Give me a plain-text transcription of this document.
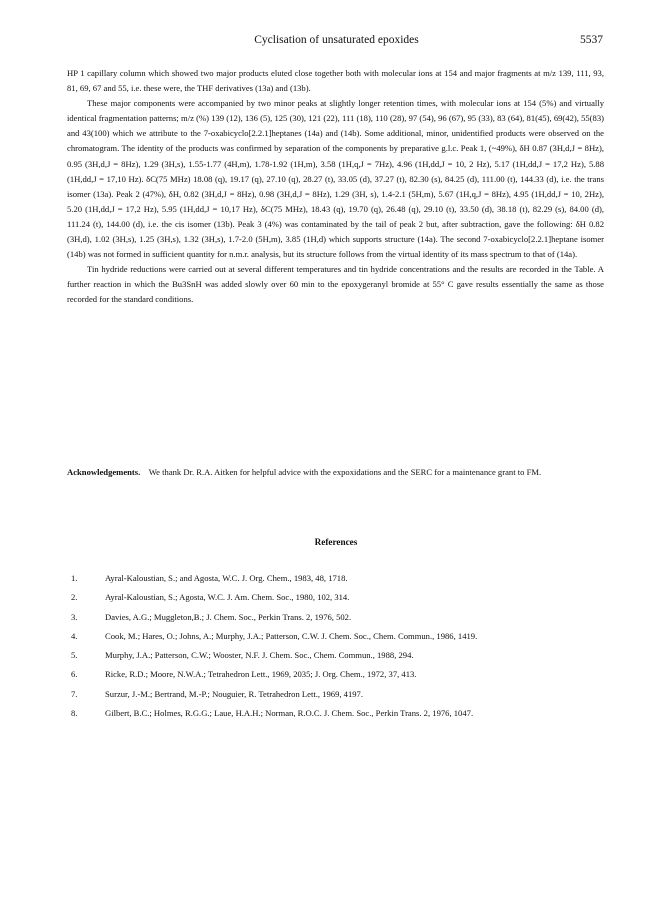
Cyclisation of unsaturated epoxides	5537

HP 1 capillary column which showed two major products eluted close together both with molecular ions at 154 and major fragments at m/z 139, 111, 93, 81, 69, 67 and 55, i.e. these were, the THF derivatives (13a) and (13b).

These major components were accompanied by two minor peaks at slightly longer retention times, with molecular ions at 154 (5%) and virtually identical fragmentation patterns; m/z (%) 139 (12), 136 (5), 125 (30), 121 (22), 111 (18), 110 (28), 97 (54), 96 (67), 95 (33), 83 (64), 81(45), 69(42), 55(83) and 43(100) which we attribute to the 7-oxabicyclo[2.2.1]heptanes (14a) and (14b). Some additional, minor, unidentified products were observed on the chromatogram. The identity of the products was confirmed by separation of the components by preparative g.l.c. Peak 1, (~49%), δH 0.87 (3H,d,J = 8Hz), 0.95 (3H,d,J = 8Hz), 1.29 (3H,s), 1.55-1.77 (4H,m), 1.78-1.92 (1H,m), 3.58 (1H,q,J = 7Hz), 4.96 (1H,dd,J = 10, 2 Hz), 5.17 (1H,dd,J = 17,2 Hz), 5.88 (1H,dd,J = 17,10 Hz). δC(75 MHz) 18.08 (q), 19.17 (q), 27.10 (q), 28.27 (t), 33.05 (d), 37.27 (t), 82.30 (s), 84.25 (d), 111.00 (t), 144.33 (d), i.e. the trans isomer (13a). Peak 2 (47%), δH, 0.82 (3H,d,J = 8Hz), 0.98 (3H,d,J = 8Hz), 1.29 (3H, s), 1.4-2.1 (5H,m), 5.67 (1H,q,J = 8Hz), 4.95 (1H,dd,J = 10, 2Hz), 5.20 (1H,dd,J = 17,2 Hz), 5.95 (1H,dd,J = 10,17 Hz), δC(75 MHz), 18.43 (q), 19.70 (q), 26.48 (q), 29.10 (t), 33.50 (d), 38.18 (t), 82.29 (s), 84.00 (d), 111.24 (t), 144.00 (d), i.e. the cis isomer (13b). Peak 3 (4%) was contaminated by the tail of peak 2 but, after subtraction, gave the following: δH 0.82 (3H,d), 1.02 (3H,s), 1.25 (3H,s), 1.32 (3H,s), 1.7-2.0 (5H,m), 3.85 (1H,d) which supports structure (14a). The second 7-oxabicyclo[2.2.1]heptane isomer (14b) was not formed in sufficient quantity for n.m.r. analysis, but its structure follows from the virtual identity of its mass spectrum to that of (14a).

Tin hydride reductions were carried out at several different temperatures and tin hydride concentrations and the results are recorded in the Table. A further reaction in which the Bu3SnH was added slowly over 60 min to the epoxygeranyl bromide at 55° C gave results essentially the same as those recorded for the standard conditions.

Acknowledgements. We thank Dr. R.A. Aitken for helpful advice with the expoxidations and the SERC for a maintenance grant to FM.
References
1.	Ayral-Kaloustian, S.; and Agosta, W.C. J. Org. Chem., 1983, 48, 1718.
2.	Ayral-Kaloustian, S.; Agosta, W.C. J. Am. Chem. Soc., 1980, 102, 314.
3.	Davies, A.G.; Muggleton,B.; J. Chem. Soc., Perkin Trans. 2, 1976, 502.
4.	Cook, M.; Hares, O.; Johns, A.; Murphy, J.A.; Patterson, C.W. J. Chem. Soc., Chem. Commun., 1986, 1419.
5.	Murphy, J.A.; Patterson, C.W.; Wooster, N.F. J. Chem. Soc., Chem. Commun., 1988, 294.
6.	Ricke, R.D.; Moore, N.W.A.; Tetrahedron Lett., 1969, 2035; J. Org. Chem., 1972, 37, 413.
7.	Surzur, J.-M.; Bertrand, M.-P.; Nouguier, R. Tetrahedron Lett., 1969, 4197.
8.	Gilbert, B.C.; Holmes, R.G.G.; Laue, H.A.H.; Norman, R.O.C. J. Chem. Soc., Perkin Trans. 2, 1976, 1047.
